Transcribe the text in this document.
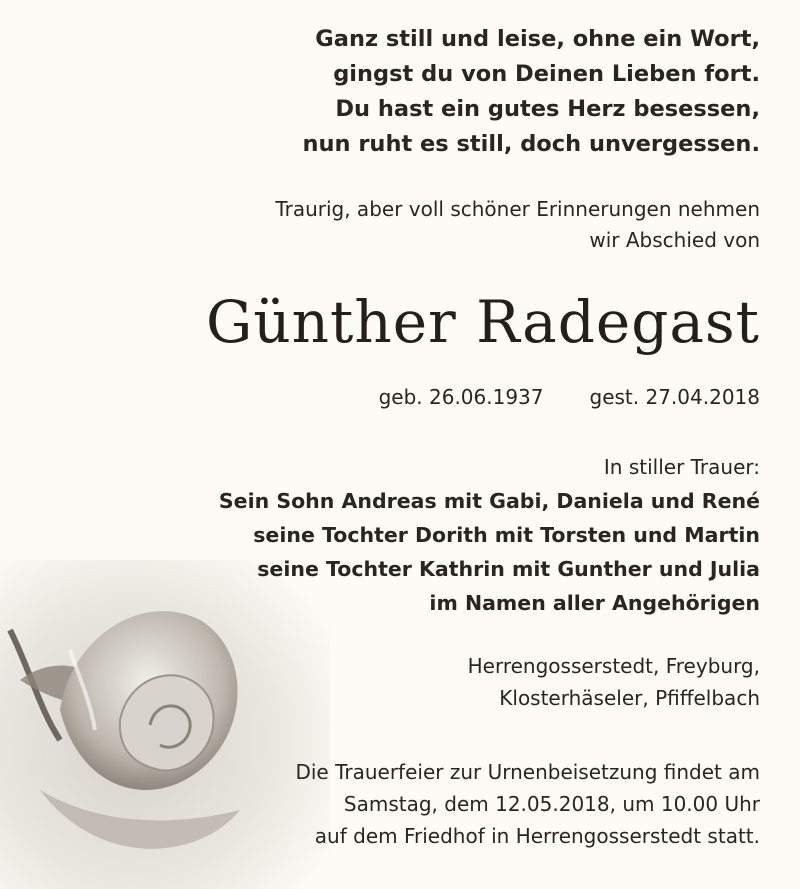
Ganz still und leise, ohne ein Wort,
gingst du von Deinen Lieben fort.
Du hast ein gutes Herz besessen,
nun ruht es still, doch unvergessen.
Traurig, aber voll schöner Erinnerungen nehmen
wir Abschied von
Günther Radegast
geb. 26.06.1937 gest. 27.04.2018
In stiller Trauer:
Sein Sohn Andreas mit Gabi, Daniela und René
seine Tochter Dorith mit Torsten und Martin
seine Tochter Kathrin mit Gunther und Julia
im Namen aller Angehörigen
Herrengosserstedt, Freyburg,
Klosterhäseler, Pfiffelbach
Die Trauerfeier zur Urnenbeisetzung findet am
Samstag, dem 12.05.2018, um 10.00 Uhr
auf dem Friedhof in Herrengosserstedt statt.
